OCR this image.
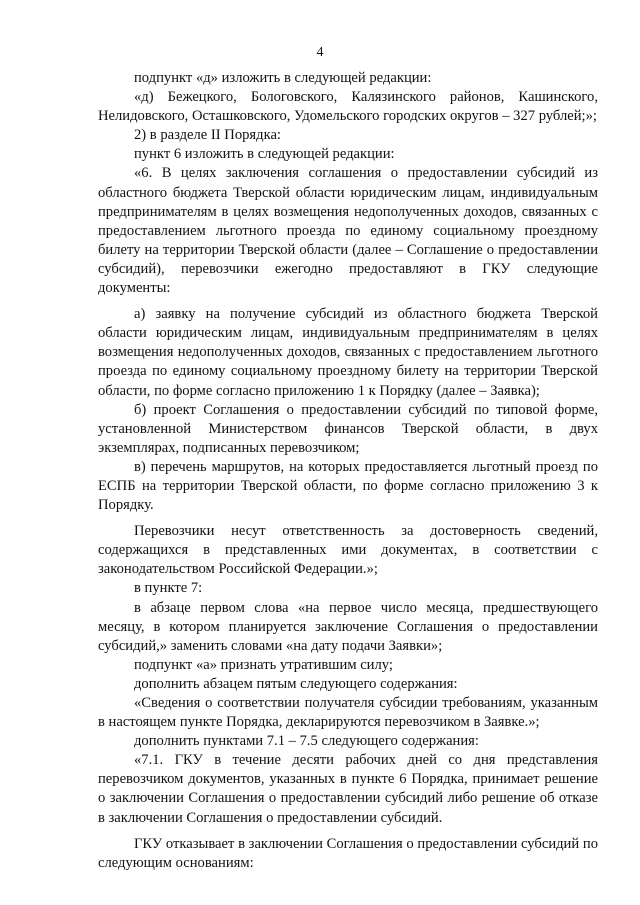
4

подпункт «д» изложить в следующей редакции:

«д) Бежецкого, Бологовского, Калязинского районов, Кашинского, Нелидовского, Осташковского, Удомельского городских округов – 327 рублей;»;

2) в разделе II Порядка:

пункт 6 изложить в следующей редакции:

«6. В целях заключения соглашения о предоставлении субсидий из областного бюджета Тверской области юридическим лицам, индивидуальным предпринимателям в целях возмещения недополученных доходов, связанных с предоставлением льготного проезда по единому социальному проездному билету на территории Тверской области (далее – Соглашение о предоставлении субсидий), перевозчики ежегодно предоставляют в ГКУ следующие документы:

а) заявку на получение субсидий из областного бюджета Тверской области юридическим лицам, индивидуальным предпринимателям в целях возмещения недополученных доходов, связанных с предоставлением льготного проезда по единому социальному проездному билету на территории Тверской области, по форме согласно приложению 1 к Порядку (далее – Заявка);

б) проект Соглашения о предоставлении субсидий по типовой форме, установленной Министерством финансов Тверской области, в двух экземплярах, подписанных перевозчиком;

в) перечень маршрутов, на которых предоставляется льготный проезд по ЕСПБ на территории Тверской области, по форме согласно приложению 3 к Порядку.

Перевозчики несут ответственность за достоверность сведений, содержащихся в представленных ими документах, в соответствии с законодательством Российской Федерации.»;

в пункте 7:

в абзаце первом слова «на первое число месяца, предшествующего месяцу, в котором планируется заключение Соглашения о предоставлении субсидий,» заменить словами «на дату подачи Заявки»;

подпункт «а» признать утратившим силу;

дополнить абзацем пятым следующего содержания:

«Сведения о соответствии получателя субсидии требованиям, указанным в настоящем пункте Порядка, декларируются перевозчиком в Заявке.»;

дополнить пунктами 7.1 – 7.5 следующего содержания:

«7.1. ГКУ в течение десяти рабочих дней со дня представления перевозчиком документов, указанных в пункте 6 Порядка, принимает решение о заключении Соглашения о предоставлении субсидий либо решение об отказе в заключении Соглашения о предоставлении субсидий.

ГКУ отказывает в заключении Соглашения о предоставлении субсидий по следующим основаниям:
